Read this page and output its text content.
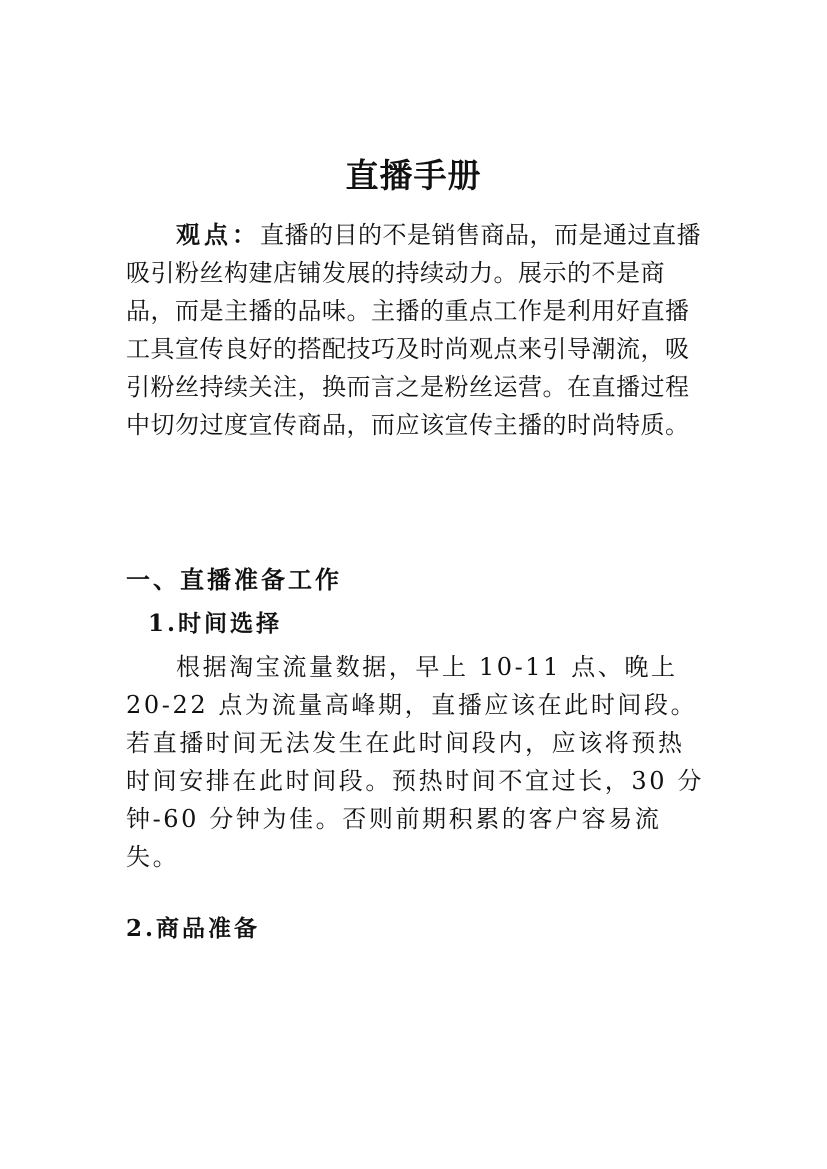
直播手册

观点：直播的目的不是销售商品，而是通过直播吸引粉丝构建店铺发展的持续动力。展示的不是商品，而是主播的品味。主播的重点工作是利用好直播工具宣传良好的搭配技巧及时尚观点来引导潮流，吸引粉丝持续关注，换而言之是粉丝运营。在直播过程中切勿过度宣传商品，而应该宣传主播的时尚特质。

一、直播准备工作
1.时间选择

根据淘宝流量数据，早上 10-11 点、晚上 20-22 点为流量高峰期，直播应该在此时间段。若直播时间无法发生在此时间段内，应该将预热时间安排在此时间段。预热时间不宜过长，30 分钟-60 分钟为佳。否则前期积累的客户容易流失。

2.商品准备
